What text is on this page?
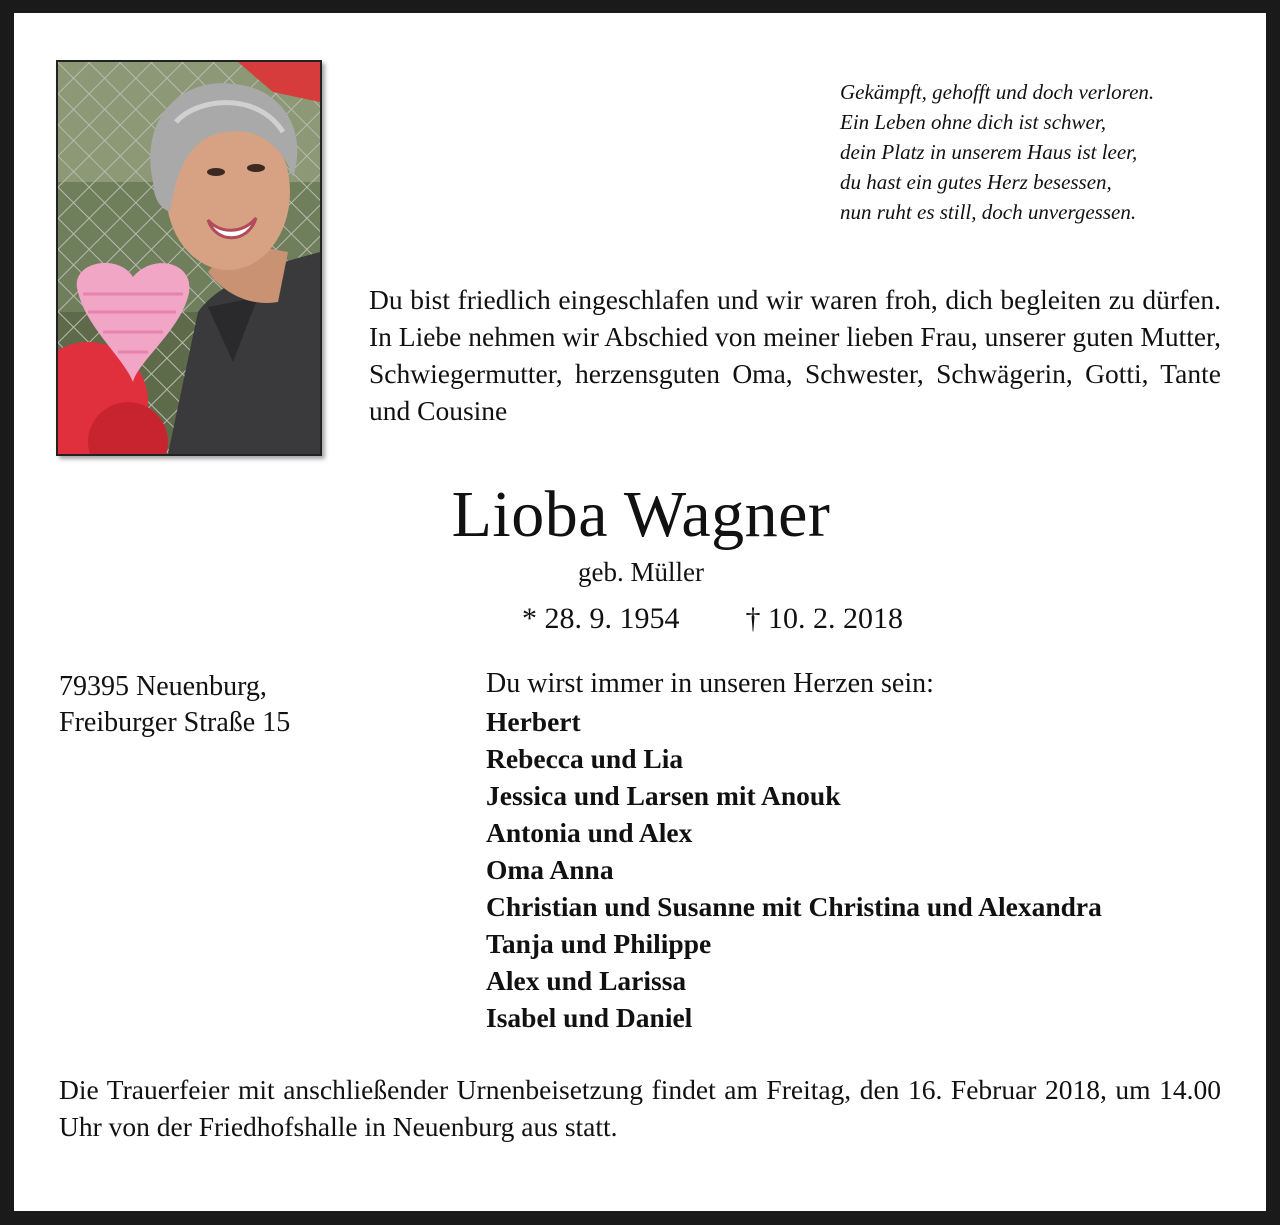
Gekämpft, gehofft und doch verloren.
Ein Leben ohne dich ist schwer,
dein Platz in unserem Haus ist leer,
du hast ein gutes Herz besessen,
nun ruht es still, doch unvergessen.
Du bist friedlich eingeschlafen und wir waren froh, dich begleiten zu dürfen. In Liebe nehmen wir Abschied von meiner lieben Frau, unserer guten Mutter, Schwiegermutter, herzensguten Oma, Schwester, Schwägerin, Gotti, Tante und Cousine
Lioba Wagner
geb. Müller
* 28. 9. 1954 † 10. 2. 2018
79395 Neuenburg,
Freiburger Straße 15
Du wirst immer in unseren Herzen sein:
Herbert
Rebecca und Lia
Jessica und Larsen mit Anouk
Antonia und Alex
Oma Anna
Christian und Susanne mit Christina und Alexandra
Tanja und Philippe
Alex und Larissa
Isabel und Daniel
Die Trauerfeier mit anschließender Urnenbeisetzung findet am Freitag, den 16. Februar 2018, um 14.00 Uhr von der Friedhofshalle in Neuenburg aus statt.
